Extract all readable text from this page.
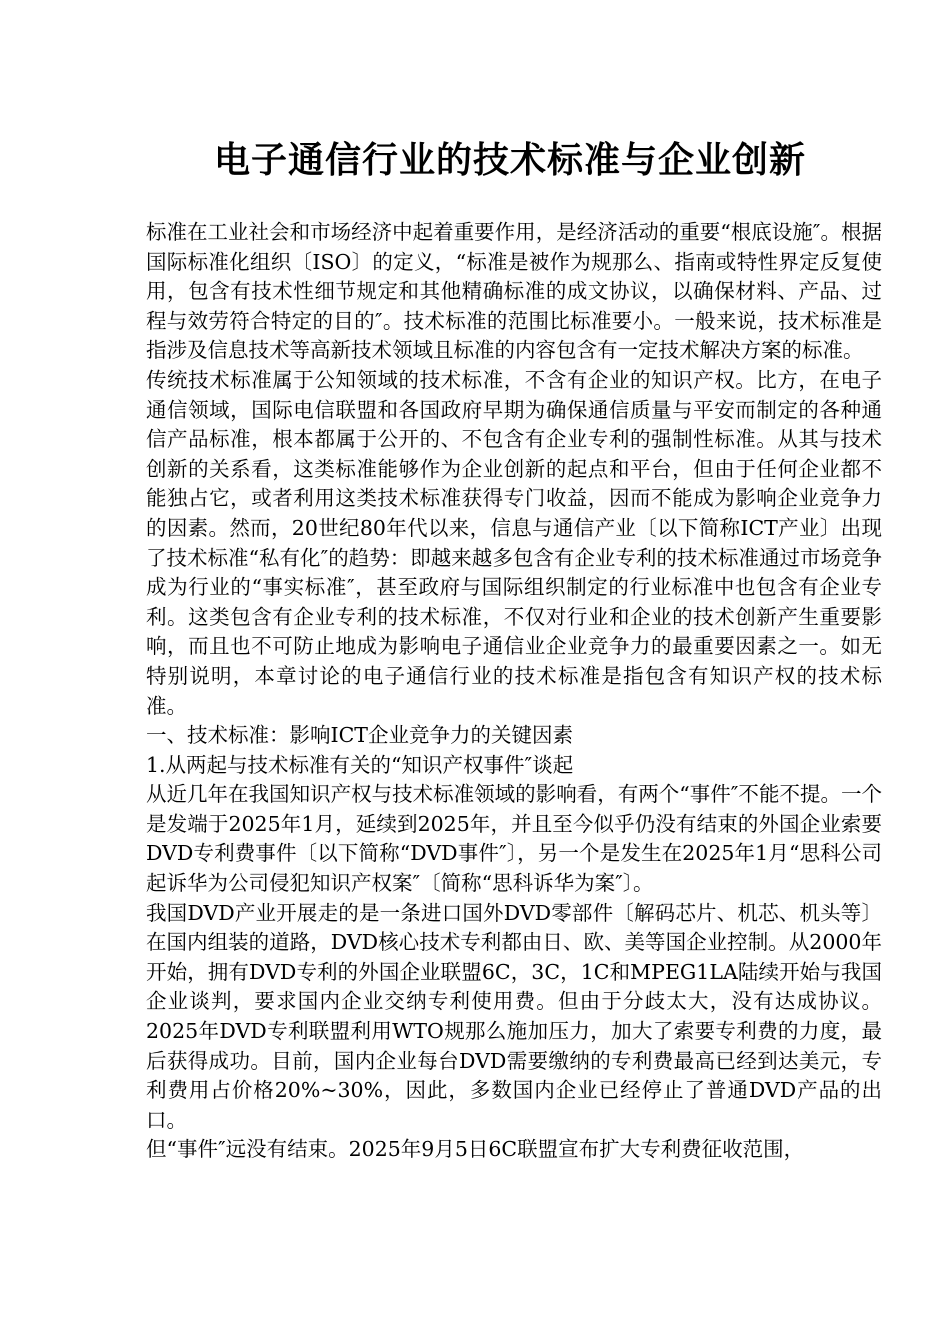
电子通信行业的技术标准与企业创新

标准在工业社会和市场经济中起着重要作用，是经济活动的重要“根底设施″。根据国际标准化组织〔ISO〕的定义，“标准是被作为规那么、指南或特性界定反复使用，包含有技术性细节规定和其他精确标准的成文协议，以确保材料、产品、过程与效劳符合特定的目的″。技术标准的范围比标准要小。一般来说，技术标准是指涉及信息技术等高新技术领域且标准的内容包含有一定技术解决方案的标准。

传统技术标准属于公知领域的技术标准，不含有企业的知识产权。比方，在电子通信领域，国际电信联盟和各国政府早期为确保通信质量与平安而制定的各种通信产品标准，根本都属于公开的、不包含有企业专利的强制性标准。从其与技术创新的关系看，这类标准能够作为企业创新的起点和平台，但由于任何企业都不能独占它，或者利用这类技术标准获得专门收益，因而不能成为影响企业竞争力的因素。然而，20世纪80年代以来，信息与通信产业〔以下简称ICT产业〕出现了技术标准“私有化″的趋势：即越来越多包含有企业专利的技术标准通过市场竞争成为行业的“事实标准″，甚至政府与国际组织制定的行业标准中也包含有企业专利。这类包含有企业专利的技术标准，不仅对行业和企业的技术创新产生重要影响，而且也不可防止地成为影响电子通信业企业竞争力的最重要因素之一。如无特别说明，本章讨论的电子通信行业的技术标准是指包含有知识产权的技术标准。

一、技术标准：影响ICT企业竞争力的关键因素

1.从两起与技术标准有关的“知识产权事件″谈起

从近几年在我国知识产权与技术标准领域的影响看，有两个“事件″不能不提。一个是发端于2025年1月，延续到2025年，并且至今似乎仍没有结束的外国企业索要DVD专利费事件〔以下简称“DVD事件″〕，另一个是发生在2025年1月“思科公司起诉华为公司侵犯知识产权案″〔简称“思科诉华为案″〕。

我国DVD产业开展走的是一条进口国外DVD零部件〔解码芯片、机芯、机头等〕在国内组装的道路，DVD核心技术专利都由日、欧、美等国企业控制。从2000年开始，拥有DVD专利的外国企业联盟6C，3C，1C和MPEG1LA陆续开始与我国企业谈判，要求国内企业交纳专利使用费。但由于分歧太大，没有达成协议。2025年DVD专利联盟利用WTO规那么施加压力，加大了索要专利费的力度，最后获得成功。目前，国内企业每台DVD需要缴纳的专利费最高已经到达美元，专利费用占价格20%~30%，因此，多数国内企业已经停止了普通DVD产品的出口。

但“事件″远没有结束。2025年9月5日6C联盟宣布扩大专利费征收范围，
